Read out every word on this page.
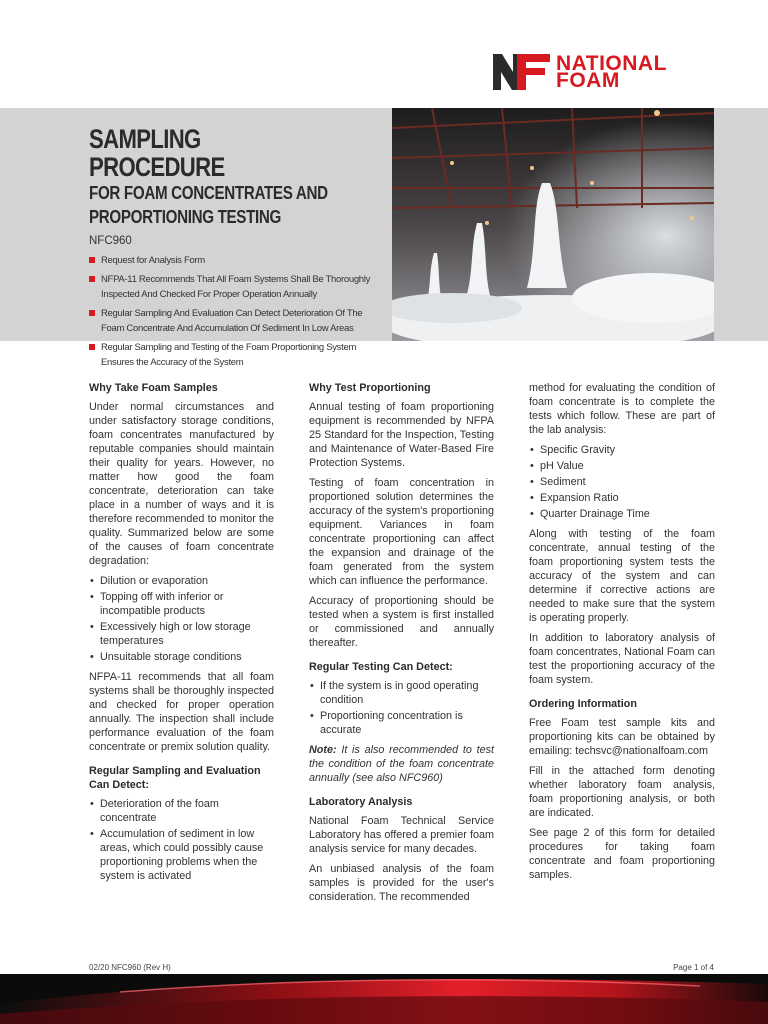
NATIONAL
FOAM
SAMPLING PROCEDURE
FOR FOAM CONCENTRATES AND
PROPORTIONING TESTING
NFC960
Request for Analysis Form
NFPA-11 Recommends That All Foam Systems Shall Be Thoroughly Inspected And Checked For Proper Operation Annually
Regular Sampling And Evaluation Can Detect Deterioration Of The Foam Concentrate And Accumulation Of Sediment In Low Areas
Regular Sampling and Testing of the Foam Proportioning System Ensures the Accuracy of the System
Why Take Foam Samples

Under normal circumstances and under satisfactory storage conditions, foam concentrates manufactured by reputable companies should maintain their quality for years. However, no matter how good the foam concentrate, deterioration can take place in a number of ways and it is therefore recommended to monitor the quality. Summarized below are some of the causes of foam concentrate degradation:

• Dilution or evaporation
• Topping off with inferior or incompatible products
• Excessively high or low storage temperatures
• Unsuitable storage conditions

NFPA-11 recommends that all foam systems shall be thoroughly inspected and checked for proper operation annually. The inspection shall include performance evaluation of the foam concentrate or premix solution quality.

Regular Sampling and Evaluation Can Detect:
• Deterioration of the foam concentrate
• Accumulation of sediment in low areas, which could possibly cause proportioning problems when the system is activated
Why Test Proportioning

Annual testing of foam proportioning equipment is recommended by NFPA 25 Standard for the Inspection, Testing and Maintenance of Water-Based Fire Protection Systems.

Testing of foam concentration in proportioned solution determines the accuracy of the system's proportioning equipment. Variances in foam concentrate proportioning can affect the expansion and drainage of the foam generated from the system which can influence the performance.

Accuracy of proportioning should be tested when a system is first installed or commissioned and annually thereafter.

Regular Testing Can Detect:
• If the system is in good operating condition
• Proportioning concentration is accurate

Note: It is also recommended to test the condition of the foam concentrate annually (see also NFC960)

Laboratory Analysis

National Foam Technical Service Laboratory has offered a premier foam analysis service for many decades.

An unbiased analysis of the foam samples is provided for the user's consideration. The recommended

method for evaluating the condition of foam concentrate is to complete the tests which follow. These are part of the lab analysis:

• Specific Gravity
• pH Value
• Sediment
• Expansion Ratio
• Quarter Drainage Time

Along with testing of the foam concentrate, annual testing of the foam proportioning system tests the accuracy of the system and can determine if corrective actions are needed to make sure that the system is operating properly.

In addition to laboratory analysis of foam concentrates, National Foam can test the proportioning accuracy of the foam system.

Ordering Information

Free Foam test sample kits and proportioning kits can be obtained by emailing: techsvc@nationalfoam.com

Fill in the attached form denoting whether laboratory foam analysis, foam proportioning analysis, or both are indicated.

See page 2 of this form for detailed procedures for taking foam concentrate and foam proportioning samples.

02/20 NFC960 (Rev H)	Page 1 of 4
